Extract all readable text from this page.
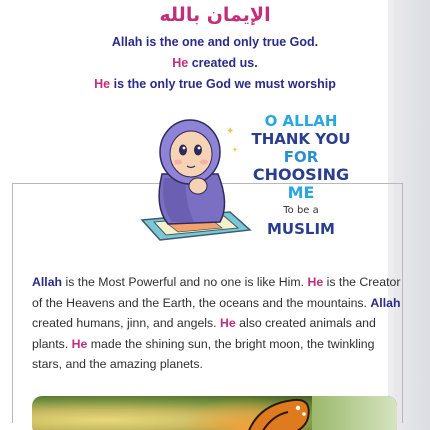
الإيمان بالله
Allah is the one and only true God.
He created us.
He is the only true God we must worship
✦
✦
O ALLAH
THANK YOU
FOR
CHOOSING
ME
To be a
MUSLIM
Allah is the Most Powerful and no one is like Him. He is the Creator of the Heavens and the Earth, the oceans and the mountains. Allah created humans, jinn, and angels. He also created animals and plants. He made the shining sun, the bright moon, the twinkling stars, and the amazing planets.
